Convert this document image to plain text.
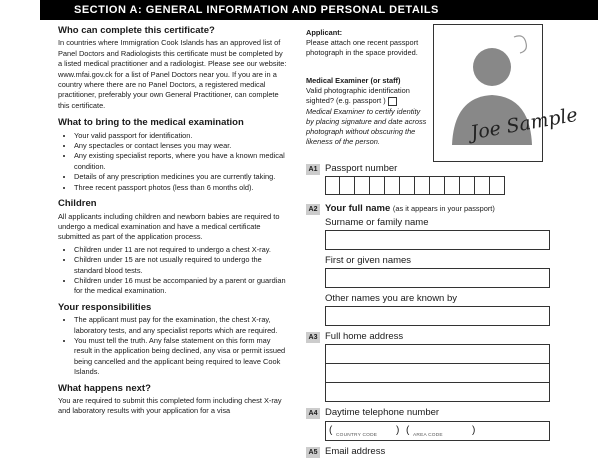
SECTION A: GENERAL INFORMATION AND PERSONAL DETAILS
Who can complete this certificate?

In countries where Immigration Cook Islands has an approved list of Panel Doctors and Radiologists this certificate must be completed by a listed medical practitioner and a radiologist. Please see our website: www.mfai.gov.ck for a list of Panel Doctors near you. If you are in a country where there are no Panel Doctors, a registered medical practitioner, preferably your own General Practitioner, can complete this certificate.

What to bring to the medical examination
• Your valid passport for identification.
• Any spectacles or contact lenses you may wear.
• Any existing specialist reports, where you have a known medical condition.
• Details of any prescription medicines you are currently taking.
• Three recent passport photos (less than 6 months old).
Children

All applicants including children and newborn babies are required to undergo a medical examination and have a medical certificate submitted as part of the application process.

• Children under 11 are not required to undergo a chest X-ray.
• Children under 15 are not usually required to undergo the standard blood tests.
• Children under 16 must be accompanied by a parent or guardian for the medical examination.
Your responsibilities
• The applicant must pay for the examination, the chest X-ray, laboratory tests, and any specialist reports which are required.
• You must tell the truth. Any false statement on this form may result in the application being declined, any visa or permit issued being cancelled and the applicant being required to leave Cook Islands.
What happens next?

You are required to submit this completed form including chest X-ray and laboratory results with your application for a visa

Applicant:
Please attach one recent passport photograph in the space provided.
Medical Examiner (or staff)
Valid photographic identification sighted? (e.g. passport )
Medical Examiner to certify identity by placing signature and date across photograph without obscuring the likeness of the person.	Joe Sample
A1 Passport number
A2 Your full name (as it appears in your passport)
Surname or family name
First or given names
Other names you are known by
A3 Full home address
A4 Daytime telephone number
( COUNTRY CODE ) ( AREA CODE	)
A5 Email address
